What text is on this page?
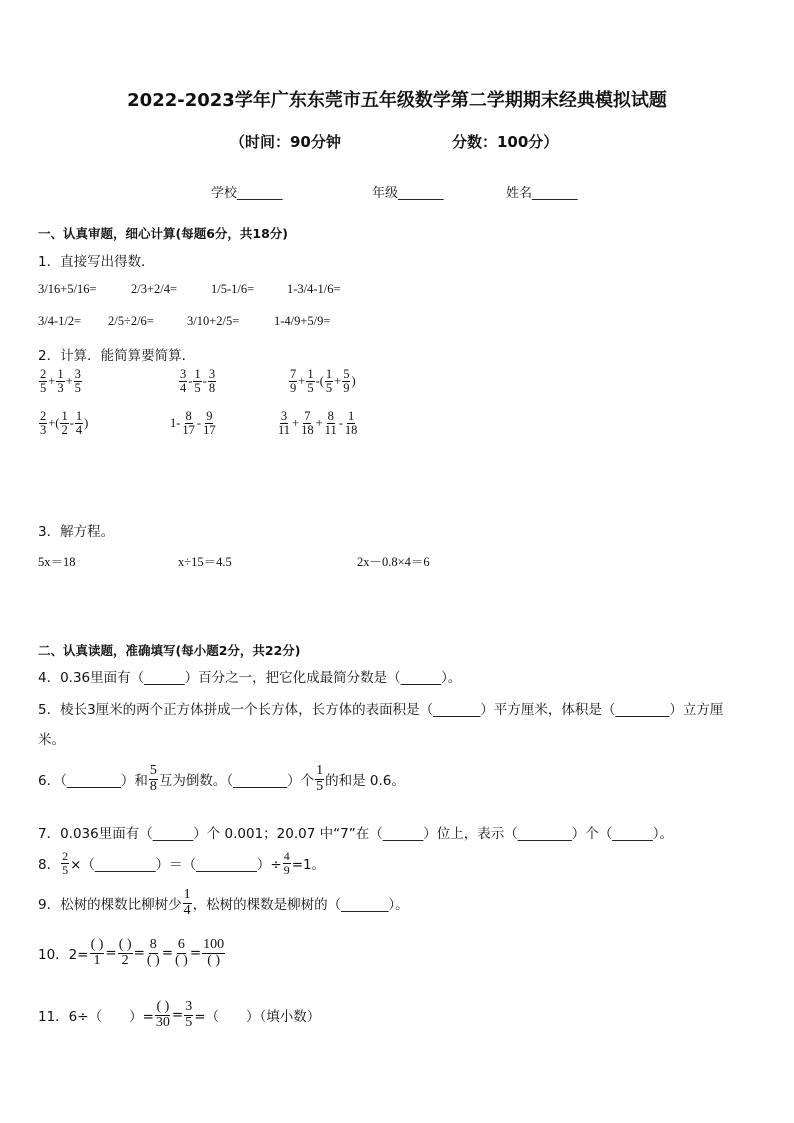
2022-2023学年广东东莞市五年级数学第二学期期末经典模拟试题
（时间：90分钟	分数：100分）
学校_______	年级_______	姓名_______
一、认真审题，细心计算(每题6分，共18分)
1．直接写出得数．
3/16+5/16=	2/3+2/4=	1/5-1/6=	1-3/4-1/6=
3/4-1/2= 2/5÷2/6=	3/10+2/5=	1-4/9+5/9=
2．计算．能简算要简算．
$\frac{2}{5} + \frac{1}{3} + \frac{3}{5}$	$\frac{3}{4} - \frac{1}{5} - \frac{3}{8}$	$\frac{7}{9} + \frac{1}{5}$ -( $\frac{1}{5} + \frac{5}{9}$ )
$\frac{2}{3}$ +( $\frac{1}{2} - \frac{1}{4}$ )	$1- \frac{8}{17} - \frac{9}{17}$	$\frac{3}{11} + \frac{7}{18} + \frac{8}{11} - \frac{1}{18}$
3．解方程。
5x＝18	x÷15＝4.5	2x－0.8×4＝6
二、认真读题，准确填写(每小题2分，共22分)
4．0.36里面有（______）百分之一，把它化成最简分数是（______）。
5．棱长3厘米的两个正方体拼成一个长方体，长方体的表面积是（_______）平方厘米，体积是（________）立方厘
米。
6．（________）和 $\frac{5}{8}$ 互为倒数。（________）个 $\frac{1}{5}$ 的和是 0.6。
7．0.036里面有（______）个 0.001；20.07 中“7”在（______）位上，表示（________）个（______）。
8． $\frac{2}{5}$ ×（_________）＝（_________）÷ $\frac{4}{9} =1$。
9．松树的棵数比柳树少 $\frac{1}{4}$ ，松树的棵数是柳树的（_______）。
10．$2= \frac{( )}{1} = \frac{( )}{2} = \frac{8}{( )} = \frac{6}{( )} = \frac{100}{( )}$
11．6÷（　　）= $\frac{( )}{30} = \frac{3}{5}$ =（　　）（填小数）
